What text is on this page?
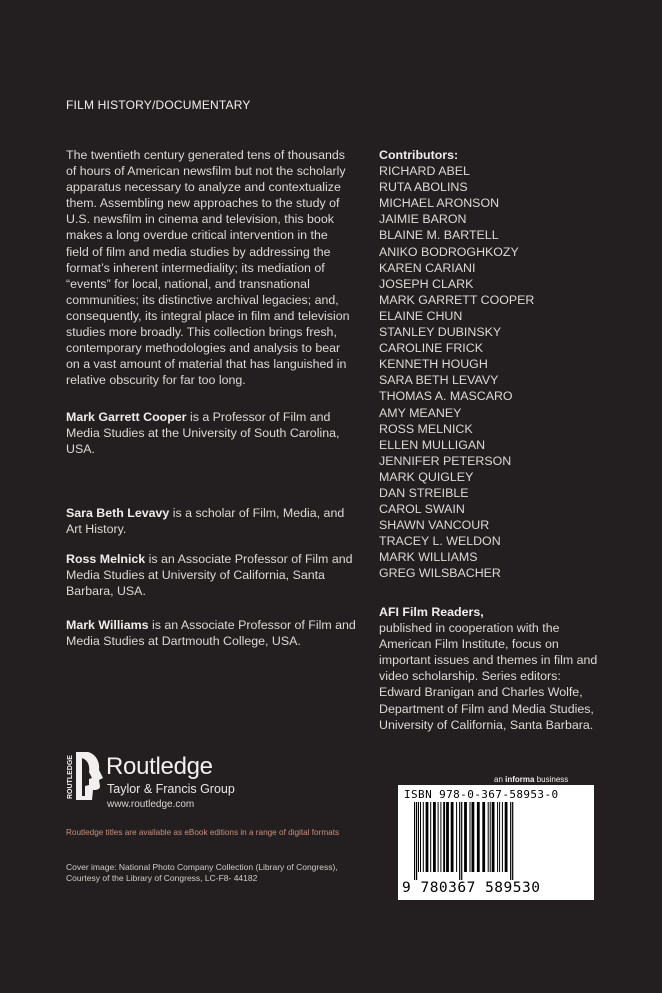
FILM HISTORY/DOCUMENTARY

The twentieth century generated tens of thousands of hours of American newsfilm but not the scholarly apparatus necessary to analyze and contextualize them. Assembling new approaches to the study of U.S. newsfilm in cinema and television, this book makes a long overdue critical intervention in the field of film and media studies by addressing the format’s inherent intermediality; its mediation of “events” for local, national, and transnational communities; its distinctive archival legacies; and, consequently, its integral place in film and television studies more broadly. This collection brings fresh, contemporary methodologies and analysis to bear on a vast amount of material that has languished in relative obscurity for far too long.

Mark Garrett Cooper is a Professor of Film and Media Studies at the University of South Carolina, USA.

Sara Beth Levavy is a scholar of Film, Media, and Art History.

Ross Melnick is an Associate Professor of Film and Media Studies at University of California, Santa Barbara, USA.

Mark Williams is an Associate Professor of Film and Media Studies at Dartmouth College, USA.

Contributors:
RICHARD ABEL
RUTA ABOLINS
MICHAEL ARONSON
JAIMIE BARON
BLAINE M. BARTELL
ANIKO BODROGHKOZY
KAREN CARIANI
JOSEPH CLARK
MARK GARRETT COOPER
ELAINE CHUN
STANLEY DUBINSKY
CAROLINE FRICK
KENNETH HOUGH
SARA BETH LEVAVY
THOMAS A. MASCARO
AMY MEANEY
ROSS MELNICK
ELLEN MULLIGAN
JENNIFER PETERSON
MARK QUIGLEY
DAN STREIBLE
CAROL SWAIN
SHAWN VANCOUR
TRACEY L. WELDON
MARK WILLIAMS
GREG WILSBACHER
AFI Film Readers,
published in cooperation with the American Film Institute, focus on important issues and themes in film and video scholarship. Series editors: Edward Branigan and Charles Wolfe, Department of Film and Media Studies, University of California, Santa Barbara.
ROUTLEDGE Routledge
Taylor & Francis Group
www.routledge.com
Routledge titles are available as eBook editions in a range of digital formats
Cover image: National Photo Company Collection (Library of Congress), Courtesy of the Library of Congress, LC-F8- 44182
an informa business
ISBN 978-0-367-58953-0
9 780367 589530
